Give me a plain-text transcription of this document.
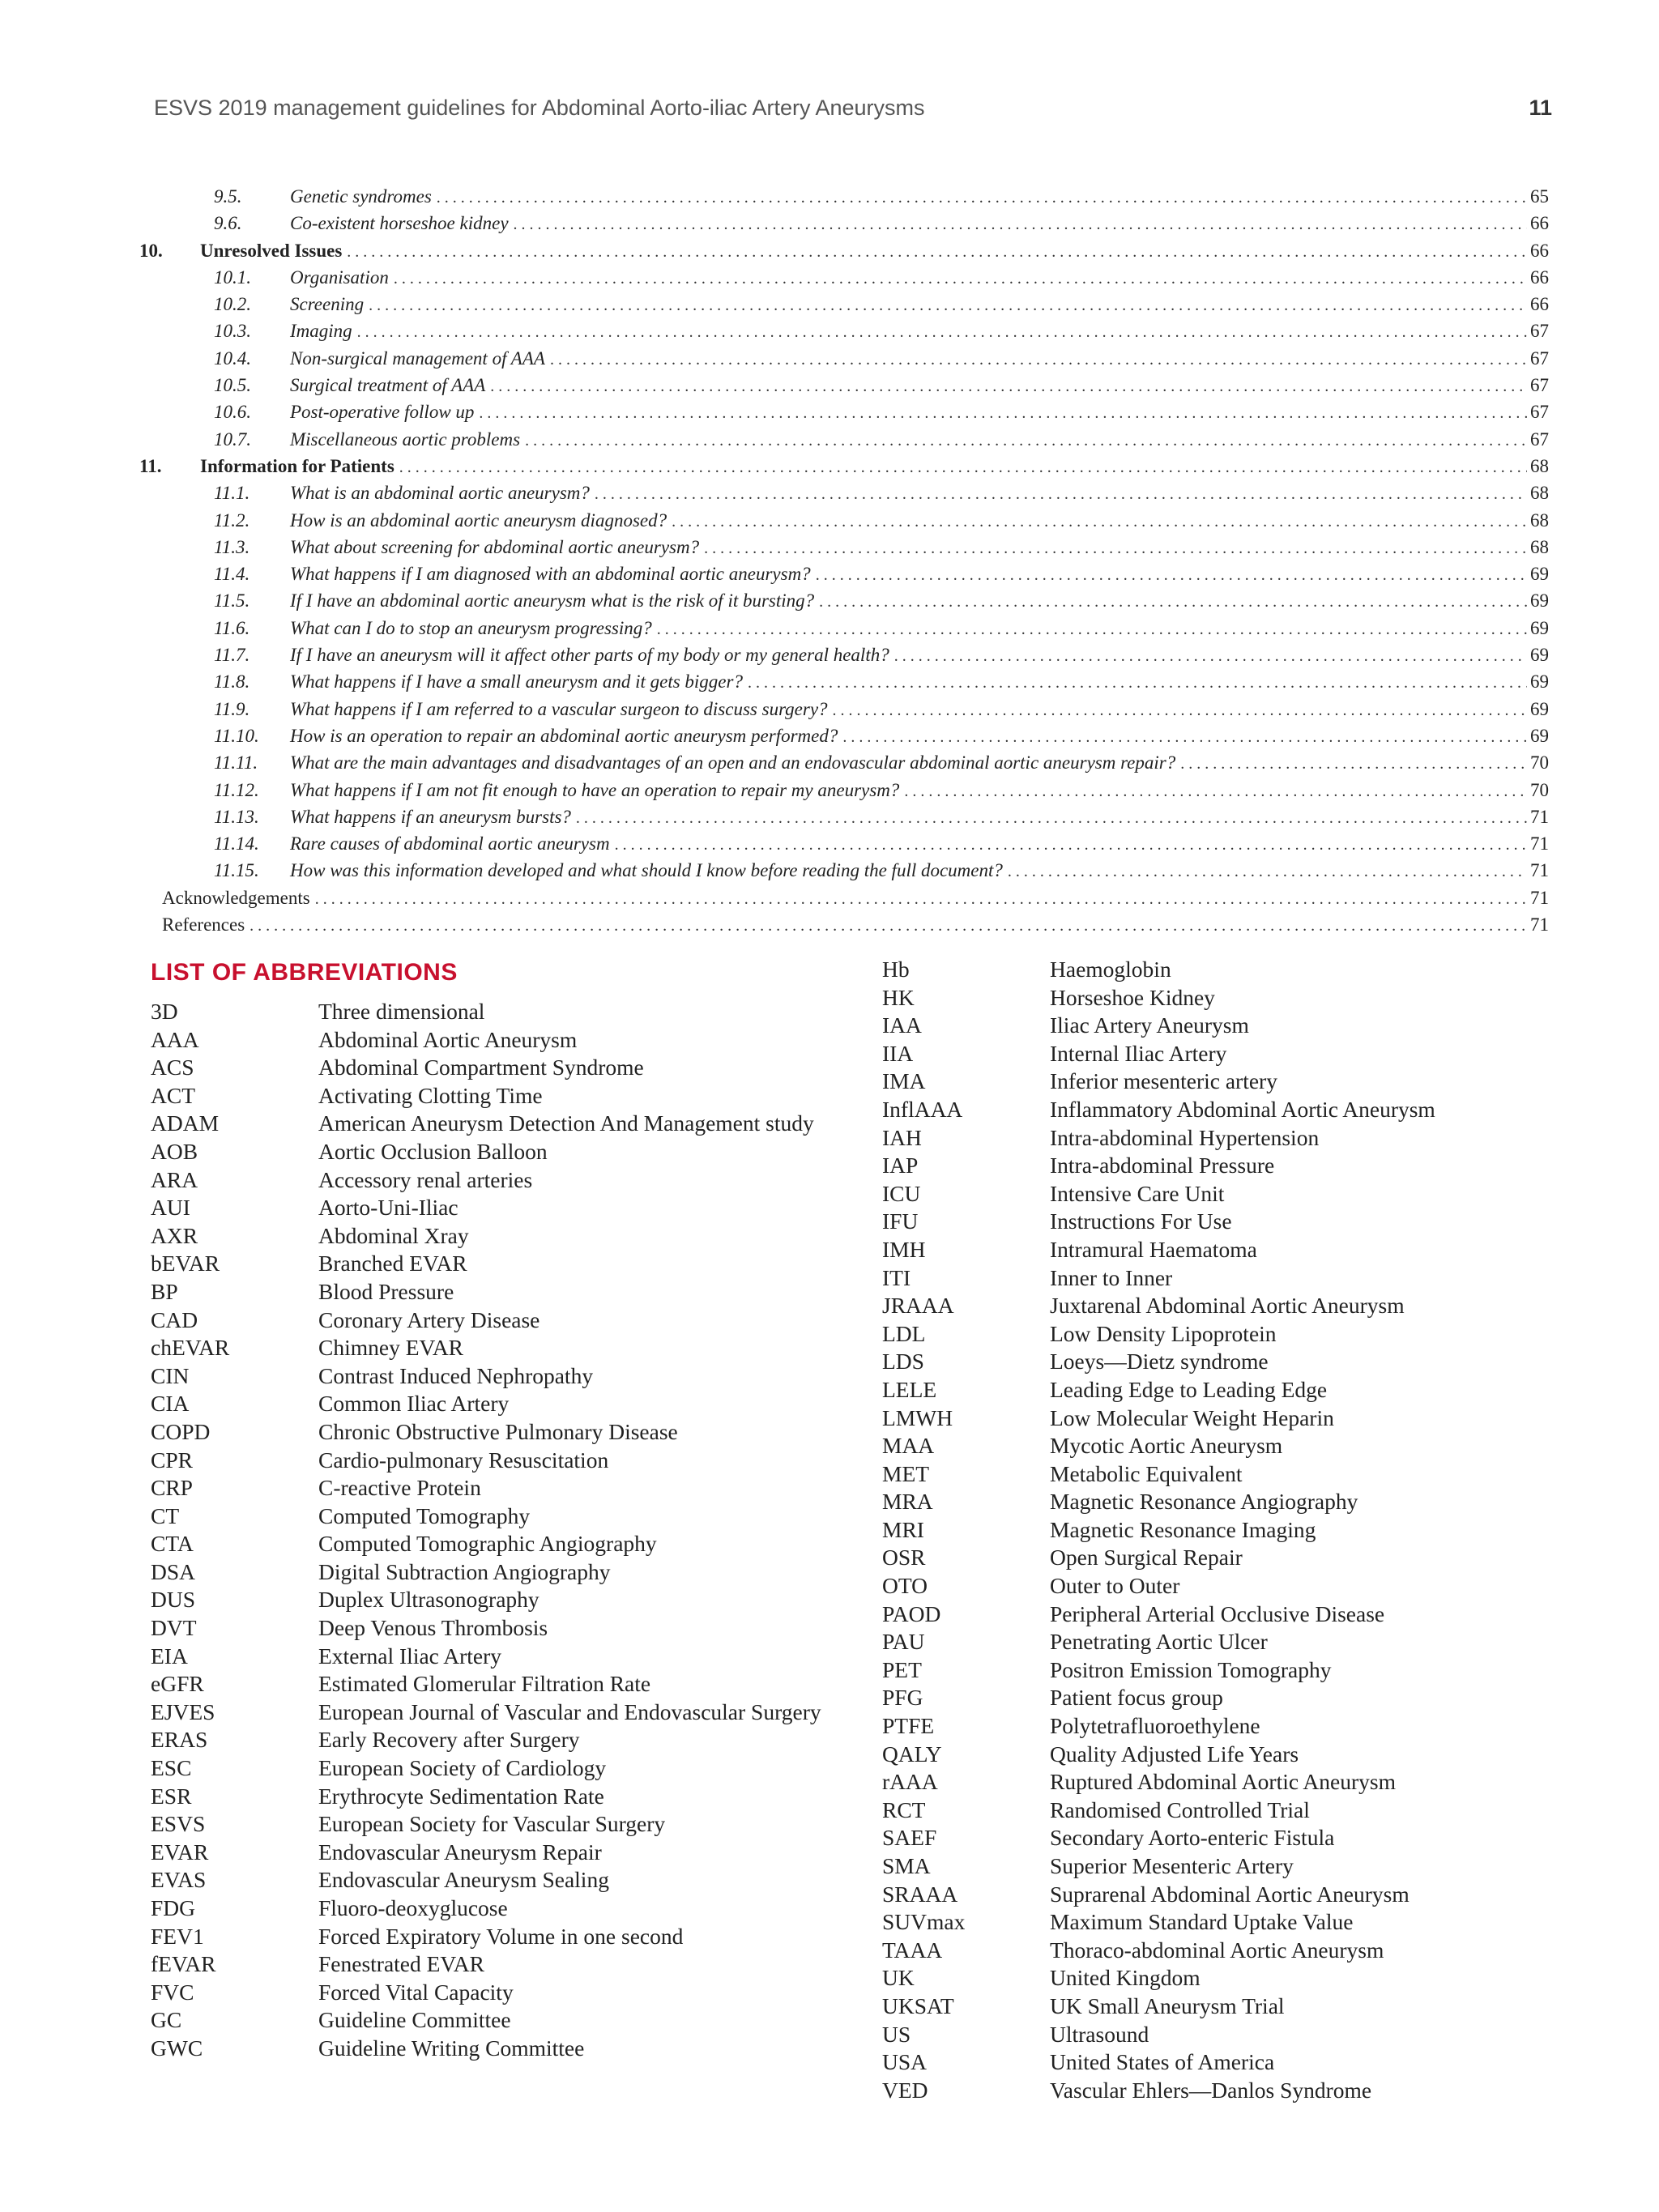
ESVS 2019 management guidelines for Abdominal Aorto-iliac Artery Aneurysms	11
9.5.	Genetic syndromes . . .	65
9.6.	Co-existent horseshoe kidney . . .	66
10.	Unresolved Issues . . .	66
10.1.	Organisation . . .	66
10.2.	Screening . . .	66
10.3.	Imaging . . .	67
10.4.	Non-surgical management of AAA . . .	67
10.5.	Surgical treatment of AAA . . .	67
10.6.	Post-operative follow up . . .	67
10.7.	Miscellaneous aortic problems . . .	67
11.	Information for Patients . . .	68
11.1.	What is an abdominal aortic aneurysm? . . .	68
11.2.	How is an abdominal aortic aneurysm diagnosed? . . .	68
11.3.	What about screening for abdominal aortic aneurysm? . . .	68
11.4.	What happens if I am diagnosed with an abdominal aortic aneurysm? . . .	69
11.5.	If I have an abdominal aortic aneurysm what is the risk of it bursting? . . .	69
11.6.	What can I do to stop an aneurysm progressing? . . .	69
11.7.	If I have an aneurysm will it affect other parts of my body or my general health? . . .	69
11.8.	What happens if I have a small aneurysm and it gets bigger? . . .	69
11.9.	What happens if I am referred to a vascular surgeon to discuss surgery? . . .	69
11.10.	How is an operation to repair an abdominal aortic aneurysm performed? . . .	69
11.11.	What are the main advantages and disadvantages of an open and an endovascular abdominal aortic aneurysm repair? . . .	70
11.12.	What happens if I am not fit enough to have an operation to repair my aneurysm? . . .	70
11.13.	What happens if an aneurysm bursts? . . .	71
11.14.	Rare causes of abdominal aortic aneurysm . . .	71
11.15.	How was this information developed and what should I know before reading the full document? . . .	71
Acknowledgements . . .	71
References . . .	71
LIST OF ABBREVIATIONS
3D	Three dimensional
AAA	Abdominal Aortic Aneurysm
ACS	Abdominal Compartment Syndrome
ACT	Activating Clotting Time
ADAM	American Aneurysm Detection And Management study
AOB	Aortic Occlusion Balloon
ARA	Accessory renal arteries
AUI	Aorto-Uni-Iliac
AXR	Abdominal Xray
bEVAR	Branched EVAR
BP	Blood Pressure
CAD	Coronary Artery Disease
chEVAR	Chimney EVAR
CIN	Contrast Induced Nephropathy
CIA	Common Iliac Artery
COPD	Chronic Obstructive Pulmonary Disease
CPR	Cardio-pulmonary Resuscitation
CRP	C-reactive Protein
CT	Computed Tomography
CTA	Computed Tomographic Angiography
DSA	Digital Subtraction Angiography
DUS	Duplex Ultrasonography
DVT	Deep Venous Thrombosis
EIA	External Iliac Artery
eGFR	Estimated Glomerular Filtration Rate
EJVES	European Journal of Vascular and Endovascular Surgery
ERAS	Early Recovery after Surgery
ESC	European Society of Cardiology
ESR	Erythrocyte Sedimentation Rate
ESVS	European Society for Vascular Surgery
EVAR	Endovascular Aneurysm Repair
EVAS	Endovascular Aneurysm Sealing
FDG	Fluoro-deoxyglucose
FEV1	Forced Expiratory Volume in one second
fEVAR	Fenestrated EVAR
FVC	Forced Vital Capacity
GC	Guideline Committee
GWC	Guideline Writing Committee
Hb	Haemoglobin
HK	Horseshoe Kidney
IAA	Iliac Artery Aneurysm
IIA	Internal Iliac Artery
IMA	Inferior mesenteric artery
InflAAA	Inflammatory Abdominal Aortic Aneurysm
IAH	Intra-abdominal Hypertension
IAP	Intra-abdominal Pressure
ICU	Intensive Care Unit
IFU	Instructions For Use
IMH	Intramural Haematoma
ITI	Inner to Inner
JRAAA	Juxtarenal Abdominal Aortic Aneurysm
LDL	Low Density Lipoprotein
LDS	Loeys—Dietz syndrome
LELE	Leading Edge to Leading Edge
LMWH	Low Molecular Weight Heparin
MAA	Mycotic Aortic Aneurysm
MET	Metabolic Equivalent
MRA	Magnetic Resonance Angiography
MRI	Magnetic Resonance Imaging
OSR	Open Surgical Repair
OTO	Outer to Outer
PAOD	Peripheral Arterial Occlusive Disease
PAU	Penetrating Aortic Ulcer
PET	Positron Emission Tomography
PFG	Patient focus group
PTFE	Polytetrafluoroethylene
QALY	Quality Adjusted Life Years
rAAA	Ruptured Abdominal Aortic Aneurysm
RCT	Randomised Controlled Trial
SAEF	Secondary Aorto-enteric Fistula
SMA	Superior Mesenteric Artery
SRAAA	Suprarenal Abdominal Aortic Aneurysm
SUVmax	Maximum Standard Uptake Value
TAAA	Thoraco-abdominal Aortic Aneurysm
UK	United Kingdom
UKSAT	UK Small Aneurysm Trial
US	Ultrasound
USA	United States of America
VED	Vascular Ehlers—Danlos Syndrome
